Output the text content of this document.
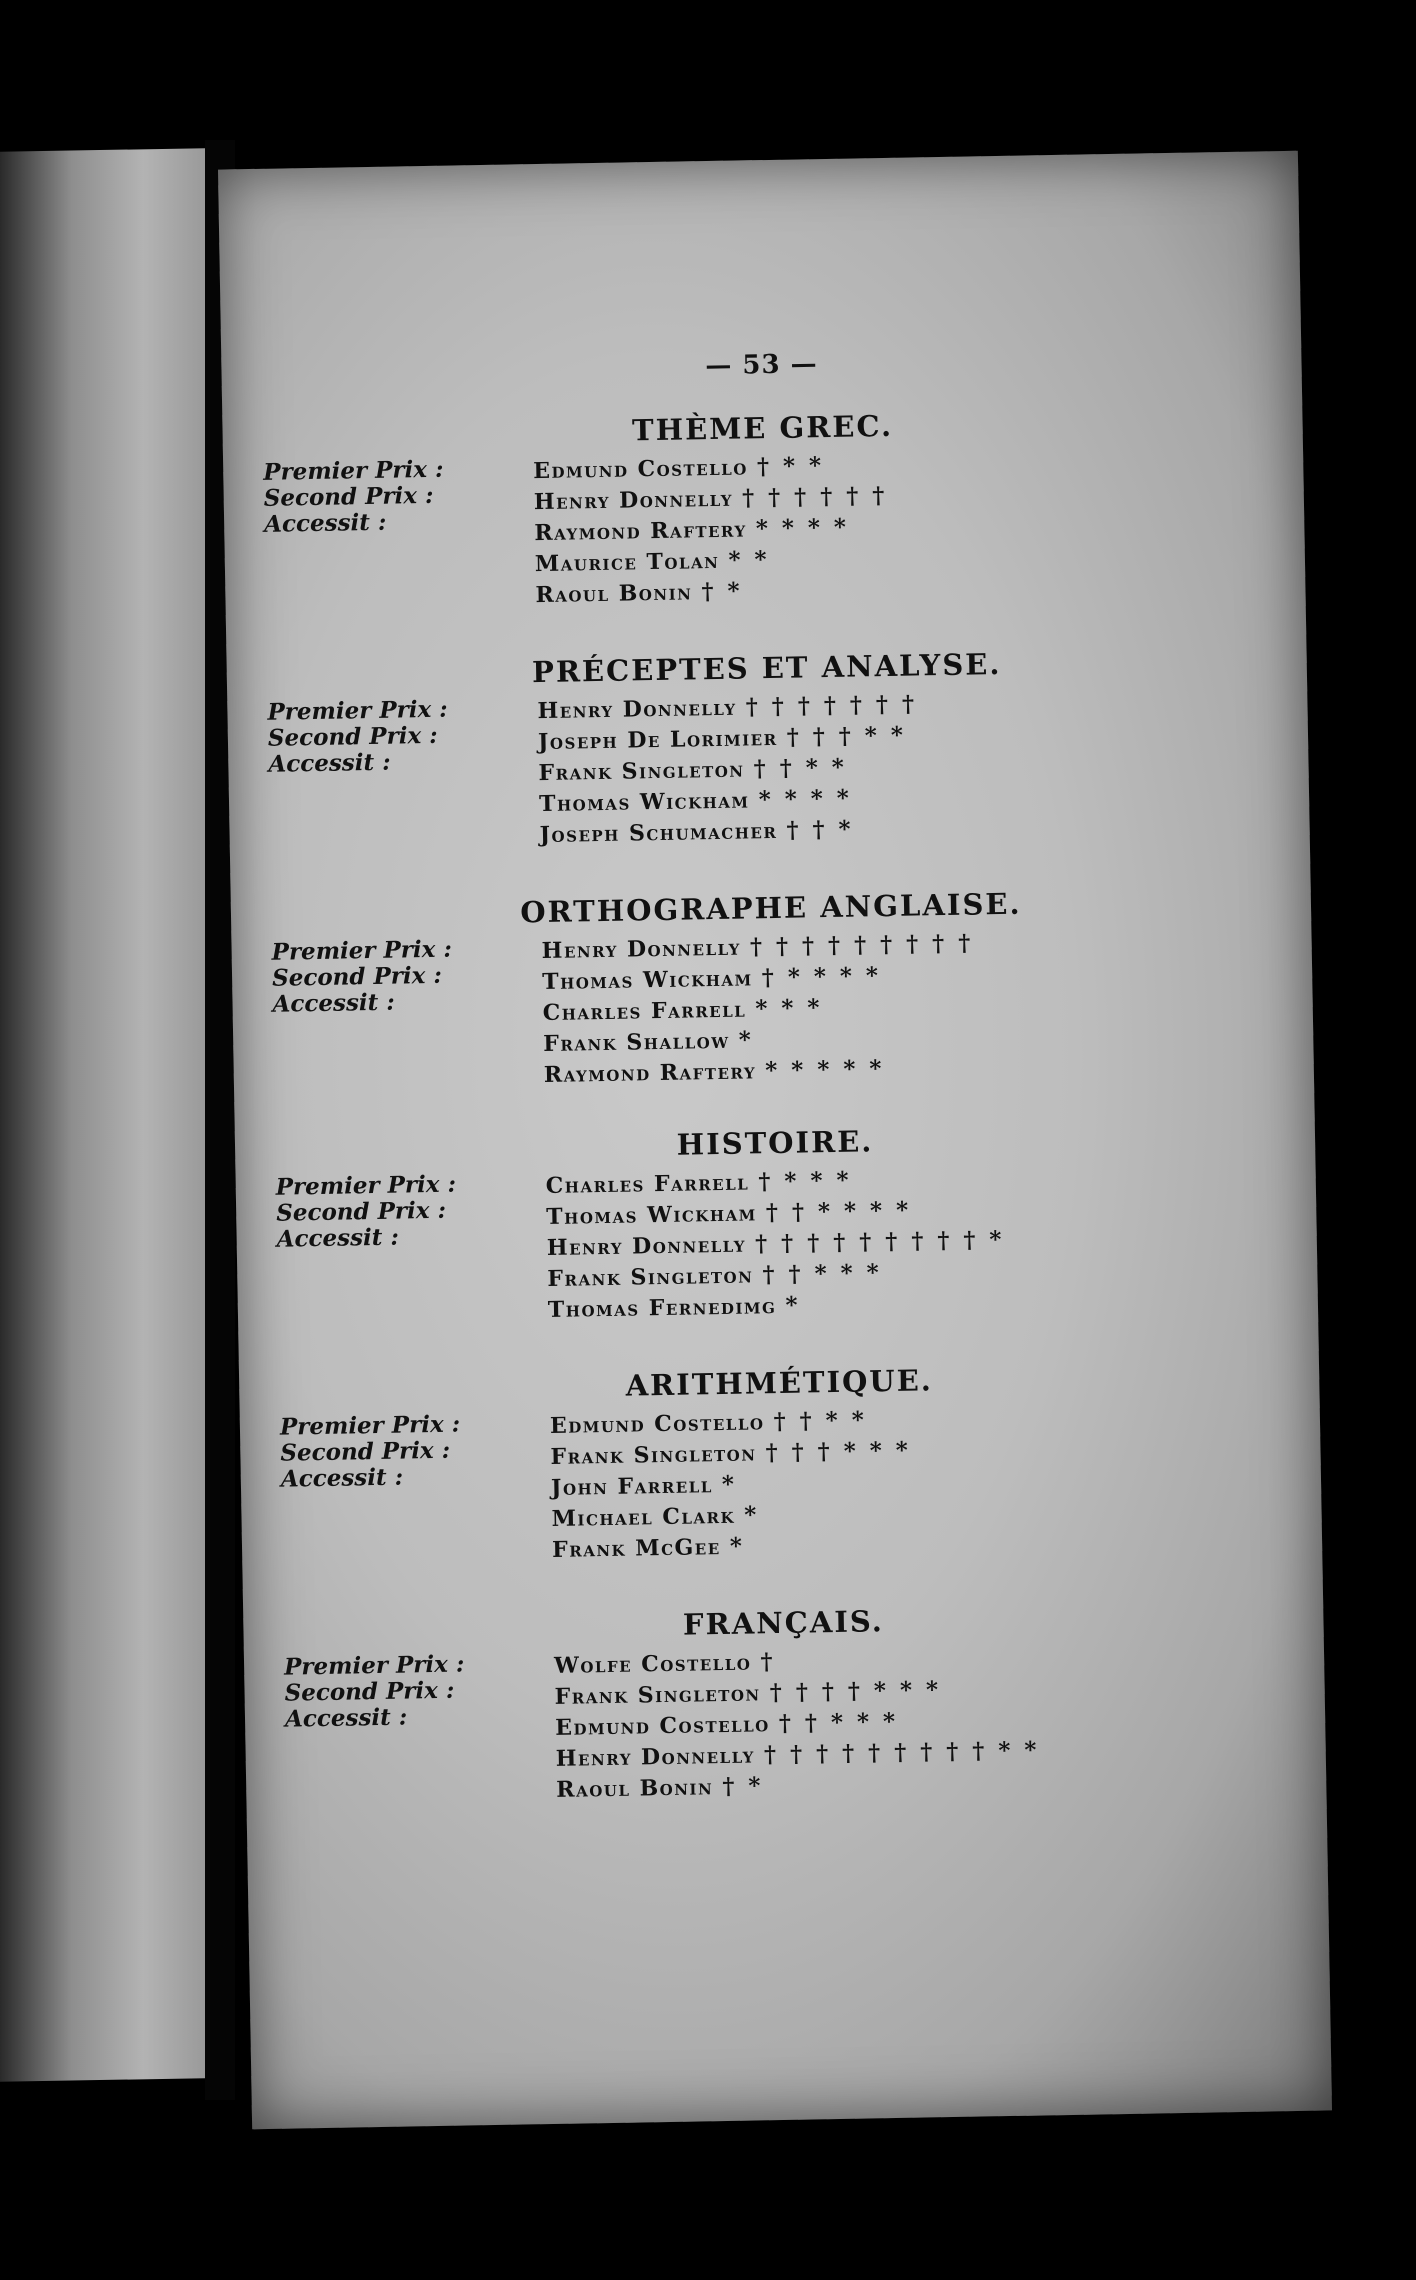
— 53 —
THÈME GREC.
Premier Prix :
Second Prix :
Accessit :
Edmund Costello † * *
Henry Donnelly † † † † † †
Raymond Raftery * * * *
Maurice Tolan * *
Raoul Bonin † *
PRÉCEPTES ET ANALYSE.
Premier Prix :
Second Prix :
Accessit :
Henry Donnelly † † † † † † †
Joseph De Lorimier † † † * *
Frank Singleton † † * *
Thomas Wickham * * * *
Joseph Schumacher † † *
ORTHOGRAPHE ANGLAISE.
Premier Prix :
Second Prix :
Accessit :
Henry Donnelly † † † † † † † † †
Thomas Wickham † * * * *
Charles Farrell * * *
Frank Shallow *
Raymond Raftery * * * * *
HISTOIRE.
Premier Prix :
Second Prix :
Accessit :
Charles Farrell † * * *
Thomas Wickham † † * * * *
Henry Donnelly † † † † † † † † † *
Frank Singleton † † * * *
Thomas Fernedimg *
ARITHMÉTIQUE.
Premier Prix :
Second Prix :
Accessit :
Edmund Costello † † * *
Frank Singleton † † † * * *
John Farrell *
Michael Clark *
Frank McGee *
FRANÇAIS.
Premier Prix :
Second Prix :
Accessit :
Wolfe Costello †
Frank Singleton † † † † * * *
Edmund Costello † † * * *
Henry Donnelly † † † † † † † † † * *
Raoul Bonin † *
